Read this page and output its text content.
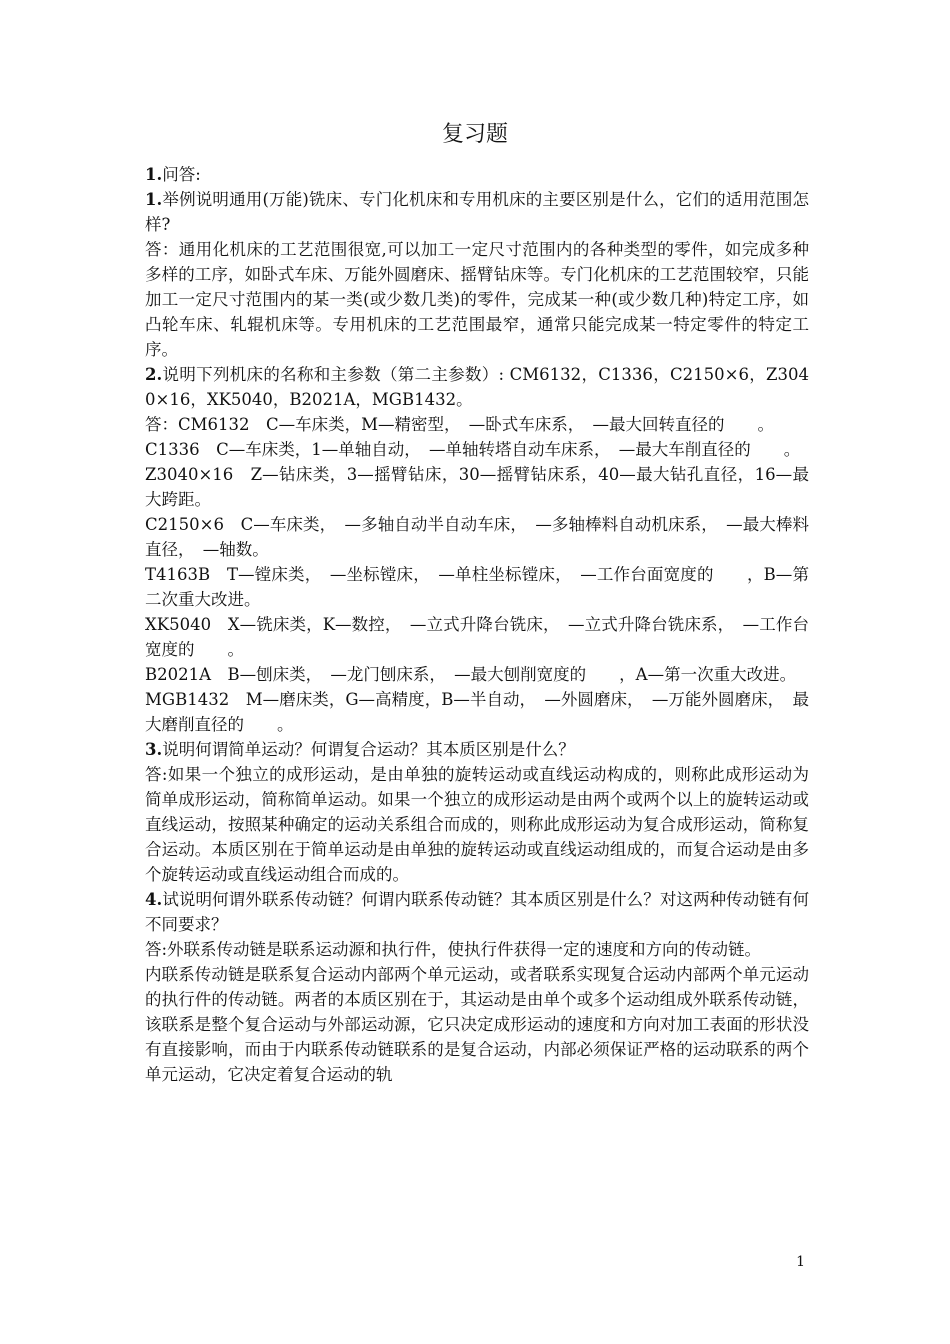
复习题

1.问答:

1.举例说明通用(万能)铣床、专门化机床和专用机床的主要区别是什么，它们的适用范围怎样?

答：通用化机床的工艺范围很宽,可以加工一定尺寸范围内的各种类型的零件，如完成多种多样的工序，如卧式车床、万能外圆磨床、摇臂钻床等。专门化机床的工艺范围较窄，只能加工一定尺寸范围内的某一类(或少数几类)的零件，完成某一种(或少数几种)特定工序，如凸轮车床、轧辊机床等。专用机床的工艺范围最窄，通常只能完成某一特定零件的特定工序。

2.说明下列机床的名称和主参数（第二主参数）: CM6132，C1336，C2150×6，Z3040×16，XK5040，B2021A，MGB1432。

答：CM6132　C—车床类，M—精密型，　—卧式车床系，　—最大回转直径的　　。

C1336　C—车床类，1—单轴自动，　—单轴转塔自动车床系，　—最大车削直径的　　。

Z3040×16　Z—钻床类，3—摇臂钻床，30—摇臂钻床系，40—最大钻孔直径，16—最大跨距。

C2150×6　C—车床类，　—多轴自动半自动车床，　—多轴棒料自动机床系，　—最大棒料直径，　—轴数。

T4163B　T—镗床类，　—坐标镗床，　—单柱坐标镗床，　—工作台面宽度的　　，B—第二次重大改进。

XK5040　X—铣床类，K—数控，　—立式升降台铣床，　—立式升降台铣床系，　—工作台宽度的　　。

B2021A　B—刨床类，　—龙门刨床系，　—最大刨削宽度的　　，A—第一次重大改进。

MGB1432　M—磨床类，G—高精度，B—半自动，　—外圆磨床，　—万能外圆磨床，　最大磨削直径的　　。

3.说明何谓简单运动？何谓复合运动？其本质区别是什么？

答:如果一个独立的成形运动，是由单独的旋转运动或直线运动构成的，则称此成形运动为简单成形运动，简称简单运动。如果一个独立的成形运动是由两个或两个以上的旋转运动或直线运动，按照某种确定的运动关系组合而成的，则称此成形运动为复合成形运动，简称复合运动。本质区别在于简单运动是由单独的旋转运动或直线运动组成的，而复合运动是由多个旋转运动或直线运动组合而成的。

4.试说明何谓外联系传动链？何谓内联系传动链？其本质区别是什么？对这两种传动链有何不同要求？

答:外联系传动链是联系运动源和执行件，使执行件获得一定的速度和方向的传动链。

内联系传动链是联系复合运动内部两个单元运动，或者联系实现复合运动内部两个单元运动的执行件的传动链。两者的本质区别在于，其运动是由单个或多个运动组成外联系传动链，该联系是整个复合运动与外部运动源，它只决定成形运动的速度和方向对加工表面的形状没有直接影响，而由于内联系传动链联系的是复合运动，内部必须保证严格的运动联系的两个单元运动，它决定着复合运动的轨

1
